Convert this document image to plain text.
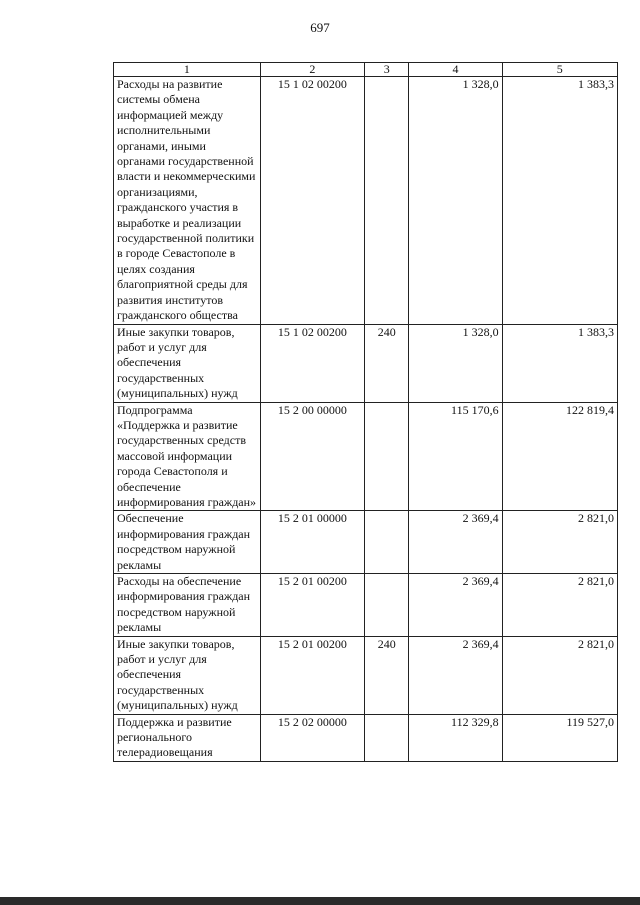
697
1	2	3	4	5
Расходы на развитие системы обмена информацией между исполнительными органами, иными органами государственной власти и некоммерческими организациями, гражданского участия в выработке и реализации государственной политики в городе Севастополе в целях создания благоприятной среды для развития институтов гражданского общества	15 1 02 00200		1 328,0	1 383,3
Иные закупки товаров, работ и услуг для обеспечения государственных (муниципальных) нужд	15 1 02 00200	240	1 328,0	1 383,3
Подпрограмма «Поддержка и развитие государственных средств массовой информации города Севастополя и обеспечение информирования граждан»	15 2 00 00000		115 170,6	122 819,4
Обеспечение информирования граждан посредством наружной рекламы	15 2 01 00000		2 369,4	2 821,0
Расходы на обеспечение информирования граждан посредством наружной рекламы	15 2 01 00200		2 369,4	2 821,0
Иные закупки товаров, работ и услуг для обеспечения государственных (муниципальных) нужд	15 2 01 00200	240	2 369,4	2 821,0
Поддержка и развитие регионального телерадиовещания	15 2 02 00000		112 329,8	119 527,0
